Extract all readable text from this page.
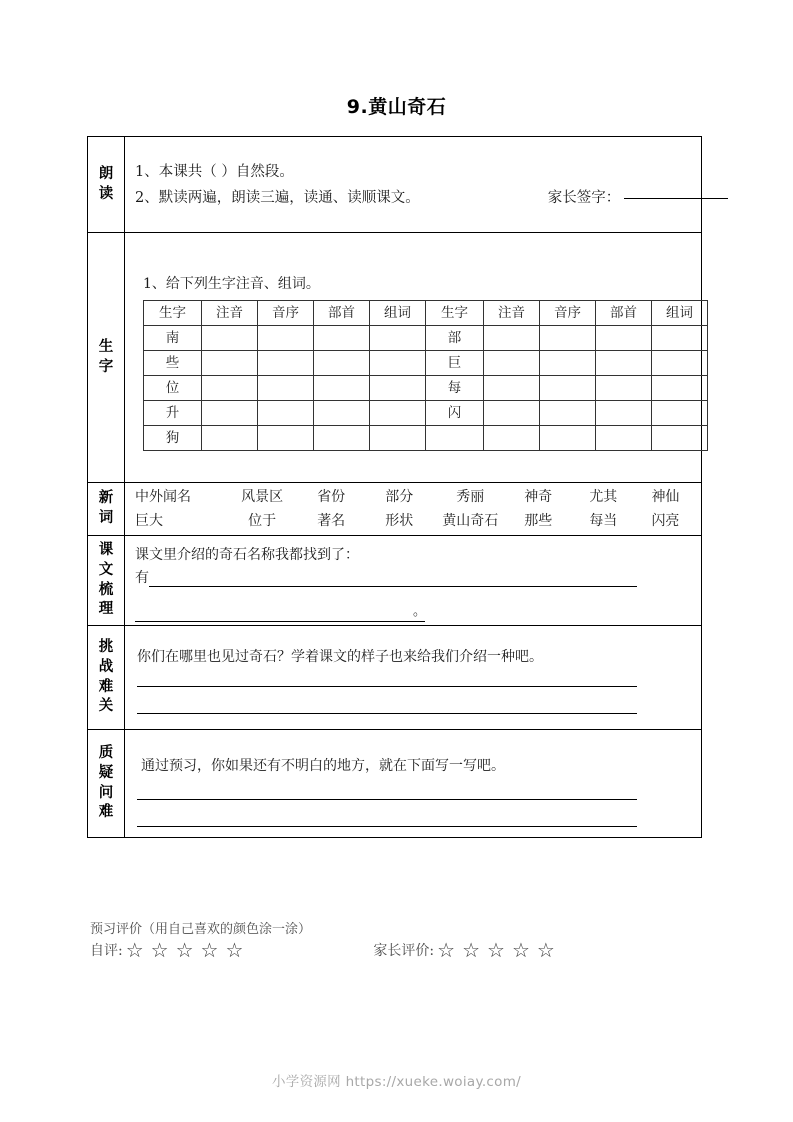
9.黄山奇石
朗
读

1、本课共（ ）自然段。
2、默读两遍，朗读三遍，读通、读顺课文。	家长签字：

生
字

1、给下列生字注音、组词。
生字	注音	音序	部首	组词	生字	注音	音序	部首	组词
南					部				
些					巨				
位					每				
升					闪				
狗									

新
词

中外闻名	风景区	省份	部分	秀丽	神奇	尤其	神仙
巨大	位于	著名	形状	黄山奇石	那些	每当	闪亮

课
文
梳
理

课文里介绍的奇石名称我都找到了：
有
。

挑
战
难
关

你们在哪里也见过奇石？学着课文的样子也来给我们介绍一种吧。

质
疑
问
难

通过预习，你如果还有不明白的地方，就在下面写一写吧。
预习评价（用自己喜欢的颜色涂一涂）
自评: ☆ ☆ ☆ ☆ ☆	家长评价: ☆ ☆ ☆ ☆ ☆
小学资源网 https://xueke.woiay.com/
